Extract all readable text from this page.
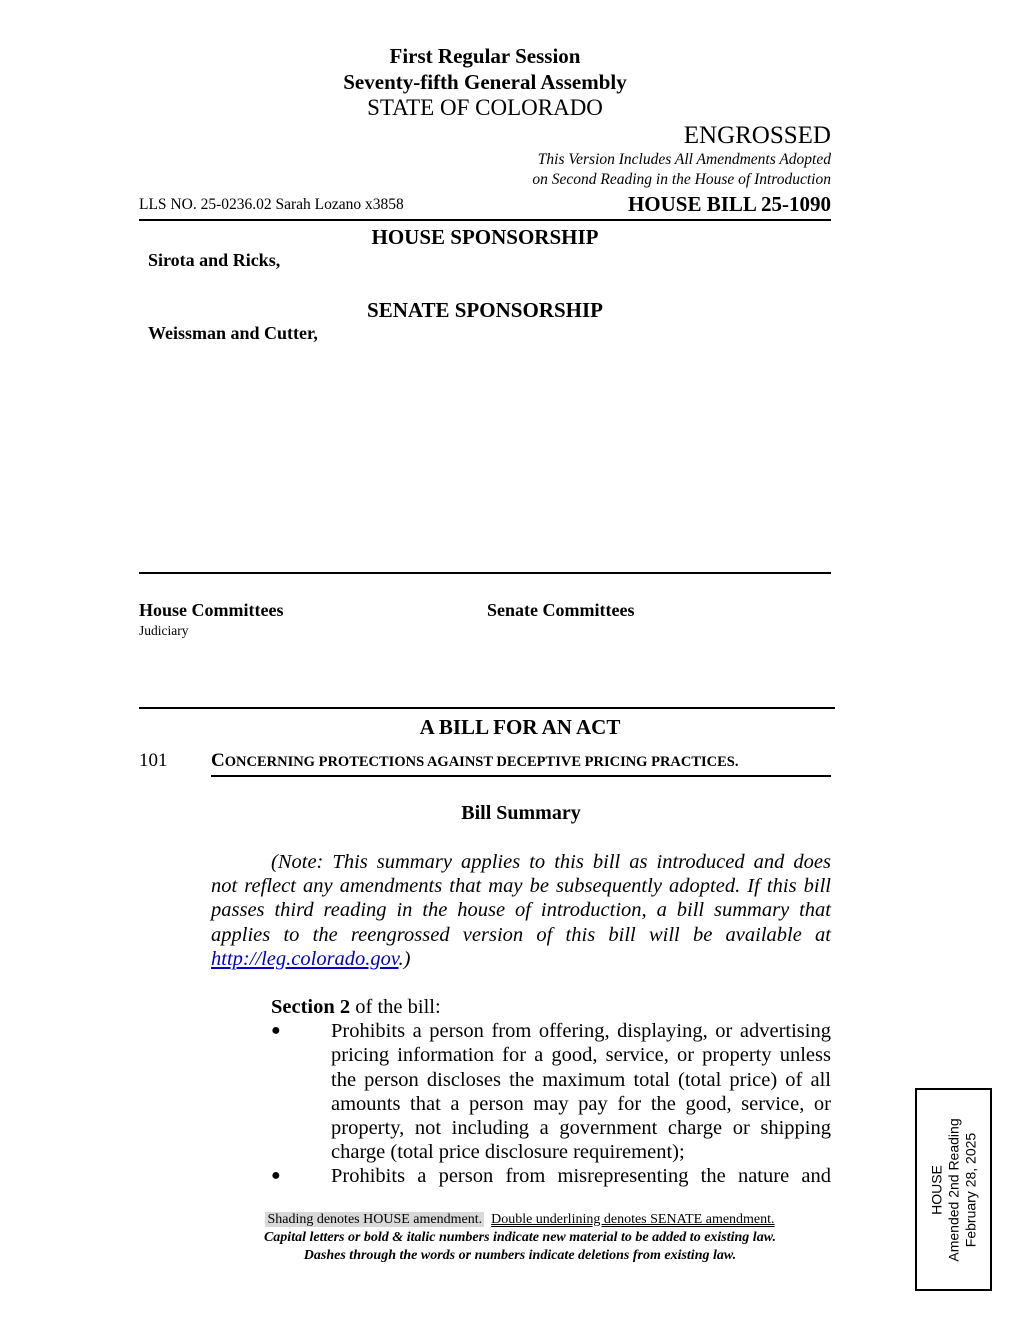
First Regular Session
Seventy-fifth General Assembly
STATE OF COLORADO
ENGROSSED
This Version Includes All Amendments Adopted
on Second Reading in the House of Introduction
LLS NO. 25-0236.02 Sarah Lozano x3858	HOUSE BILL 25-1090
HOUSE SPONSORSHIP
Sirota and Ricks,
SENATE SPONSORSHIP
Weissman and Cutter,
House Committees
Judiciary
Senate Committees
A BILL FOR AN ACT
101 CONCERNING PROTECTIONS AGAINST DECEPTIVE PRICING PRACTICES.
Bill Summary

(Note: This summary applies to this bill as introduced and does

not reflect any amendments that may be subsequently adopted. If this bill
passes third reading in the house of introduction, a bill summary that
applies to the reengrossed version of this bill will be available at
http://leg.colorado.gov.)
Section 2 of the bill:
●	Prohibits a person from offering, displaying, or advertising pricing information for a good, service, or property unless the person discloses the maximum total (total price) of all amounts that a person may pay for the good, service, or property, not including a government charge or shipping charge (total price disclosure requirement);
●	Prohibits a person from misrepresenting the nature and
Shading denotes HOUSE amendment. Double underlining denotes SENATE amendment.
Capital letters or bold & italic numbers indicate new material to be added to existing law.
Dashes through the words or numbers indicate deletions from existing law.
HOUSE Amended 2nd Reading February 28, 2025
